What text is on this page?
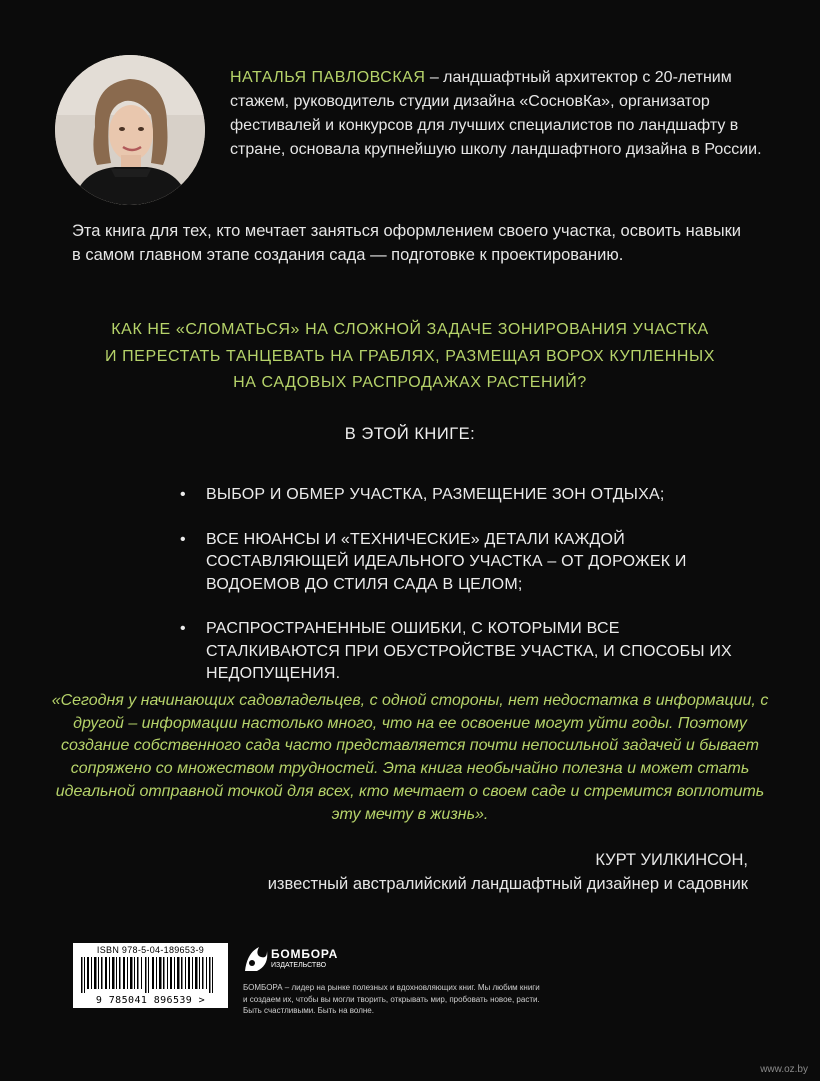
НАТАЛЬЯ ПАВЛОВСКАЯ – ландшафтный архитектор с 20-летним стажем, руководитель студии дизайна «СосновКа», организатор фестивалей и конкурсов для лучших специалистов по ландшафту в стране, основала крупнейшую школу ландшафтного дизайна в России.
Эта книга для тех, кто мечтает заняться оформлением своего участка, освоить навыки в самом главном этапе создания сада — подготовке к проектированию.
КАК НЕ «СЛОМАТЬСЯ» НА СЛОЖНОЙ ЗАДАЧЕ ЗОНИРОВАНИЯ УЧАСТКА
И ПЕРЕСТАТЬ ТАНЦЕВАТЬ НА ГРАБЛЯХ, РАЗМЕЩАЯ ВОРОХ КУПЛЕННЫХ
НА САДОВЫХ РАСПРОДАЖАХ РАСТЕНИЙ?
В ЭТОЙ КНИГЕ:
• ВЫБОР И ОБМЕР УЧАСТКА, РАЗМЕЩЕНИЕ ЗОН ОТДЫХА;
• ВСЕ НЮАНСЫ И «ТЕХНИЧЕСКИЕ» ДЕТАЛИ КАЖДОЙ СОСТАВЛЯЮЩЕЙ ИДЕАЛЬНОГО УЧАСТКА – ОТ ДОРОЖЕК И ВОДОЕМОВ ДО СТИЛЯ САДА В ЦЕЛОМ;
• РАСПРОСТРАНЕННЫЕ ОШИБКИ, С КОТОРЫМИ ВСЕ СТАЛКИВАЮТСЯ ПРИ ОБУСТРОЙСТВЕ УЧАСТКА, И СПОСОБЫ ИХ НЕДОПУЩЕНИЯ.
«Сегодня у начинающих садовладельцев, с одной стороны, нет недостатка в информации, с другой – информации настолько много, что на ее освоение могут уйти годы. Поэтому создание собственного сада часто представляется почти непосильной задачей и бывает сопряжено со множеством трудностей. Эта книга необычайно полезна и может стать идеальной отправной точкой для всех, кто мечтает о своем саде и стремится воплотить эту мечту в жизнь».
КУРТ УИЛКИНСОН,
известный австралийский ландшафтный дизайнер и садовник
ISBN 978-5-04-189653-9
9 785041 896539 >
БОМБОРА
ИЗДАТЕЛЬСТВО
БОМБОРА – лидер на рынке полезных и вдохновляющих книг. Мы любим книги и создаем их, чтобы вы могли творить, открывать мир, пробовать новое, расти. Быть счастливыми. Быть на волне.
www.oz.by
